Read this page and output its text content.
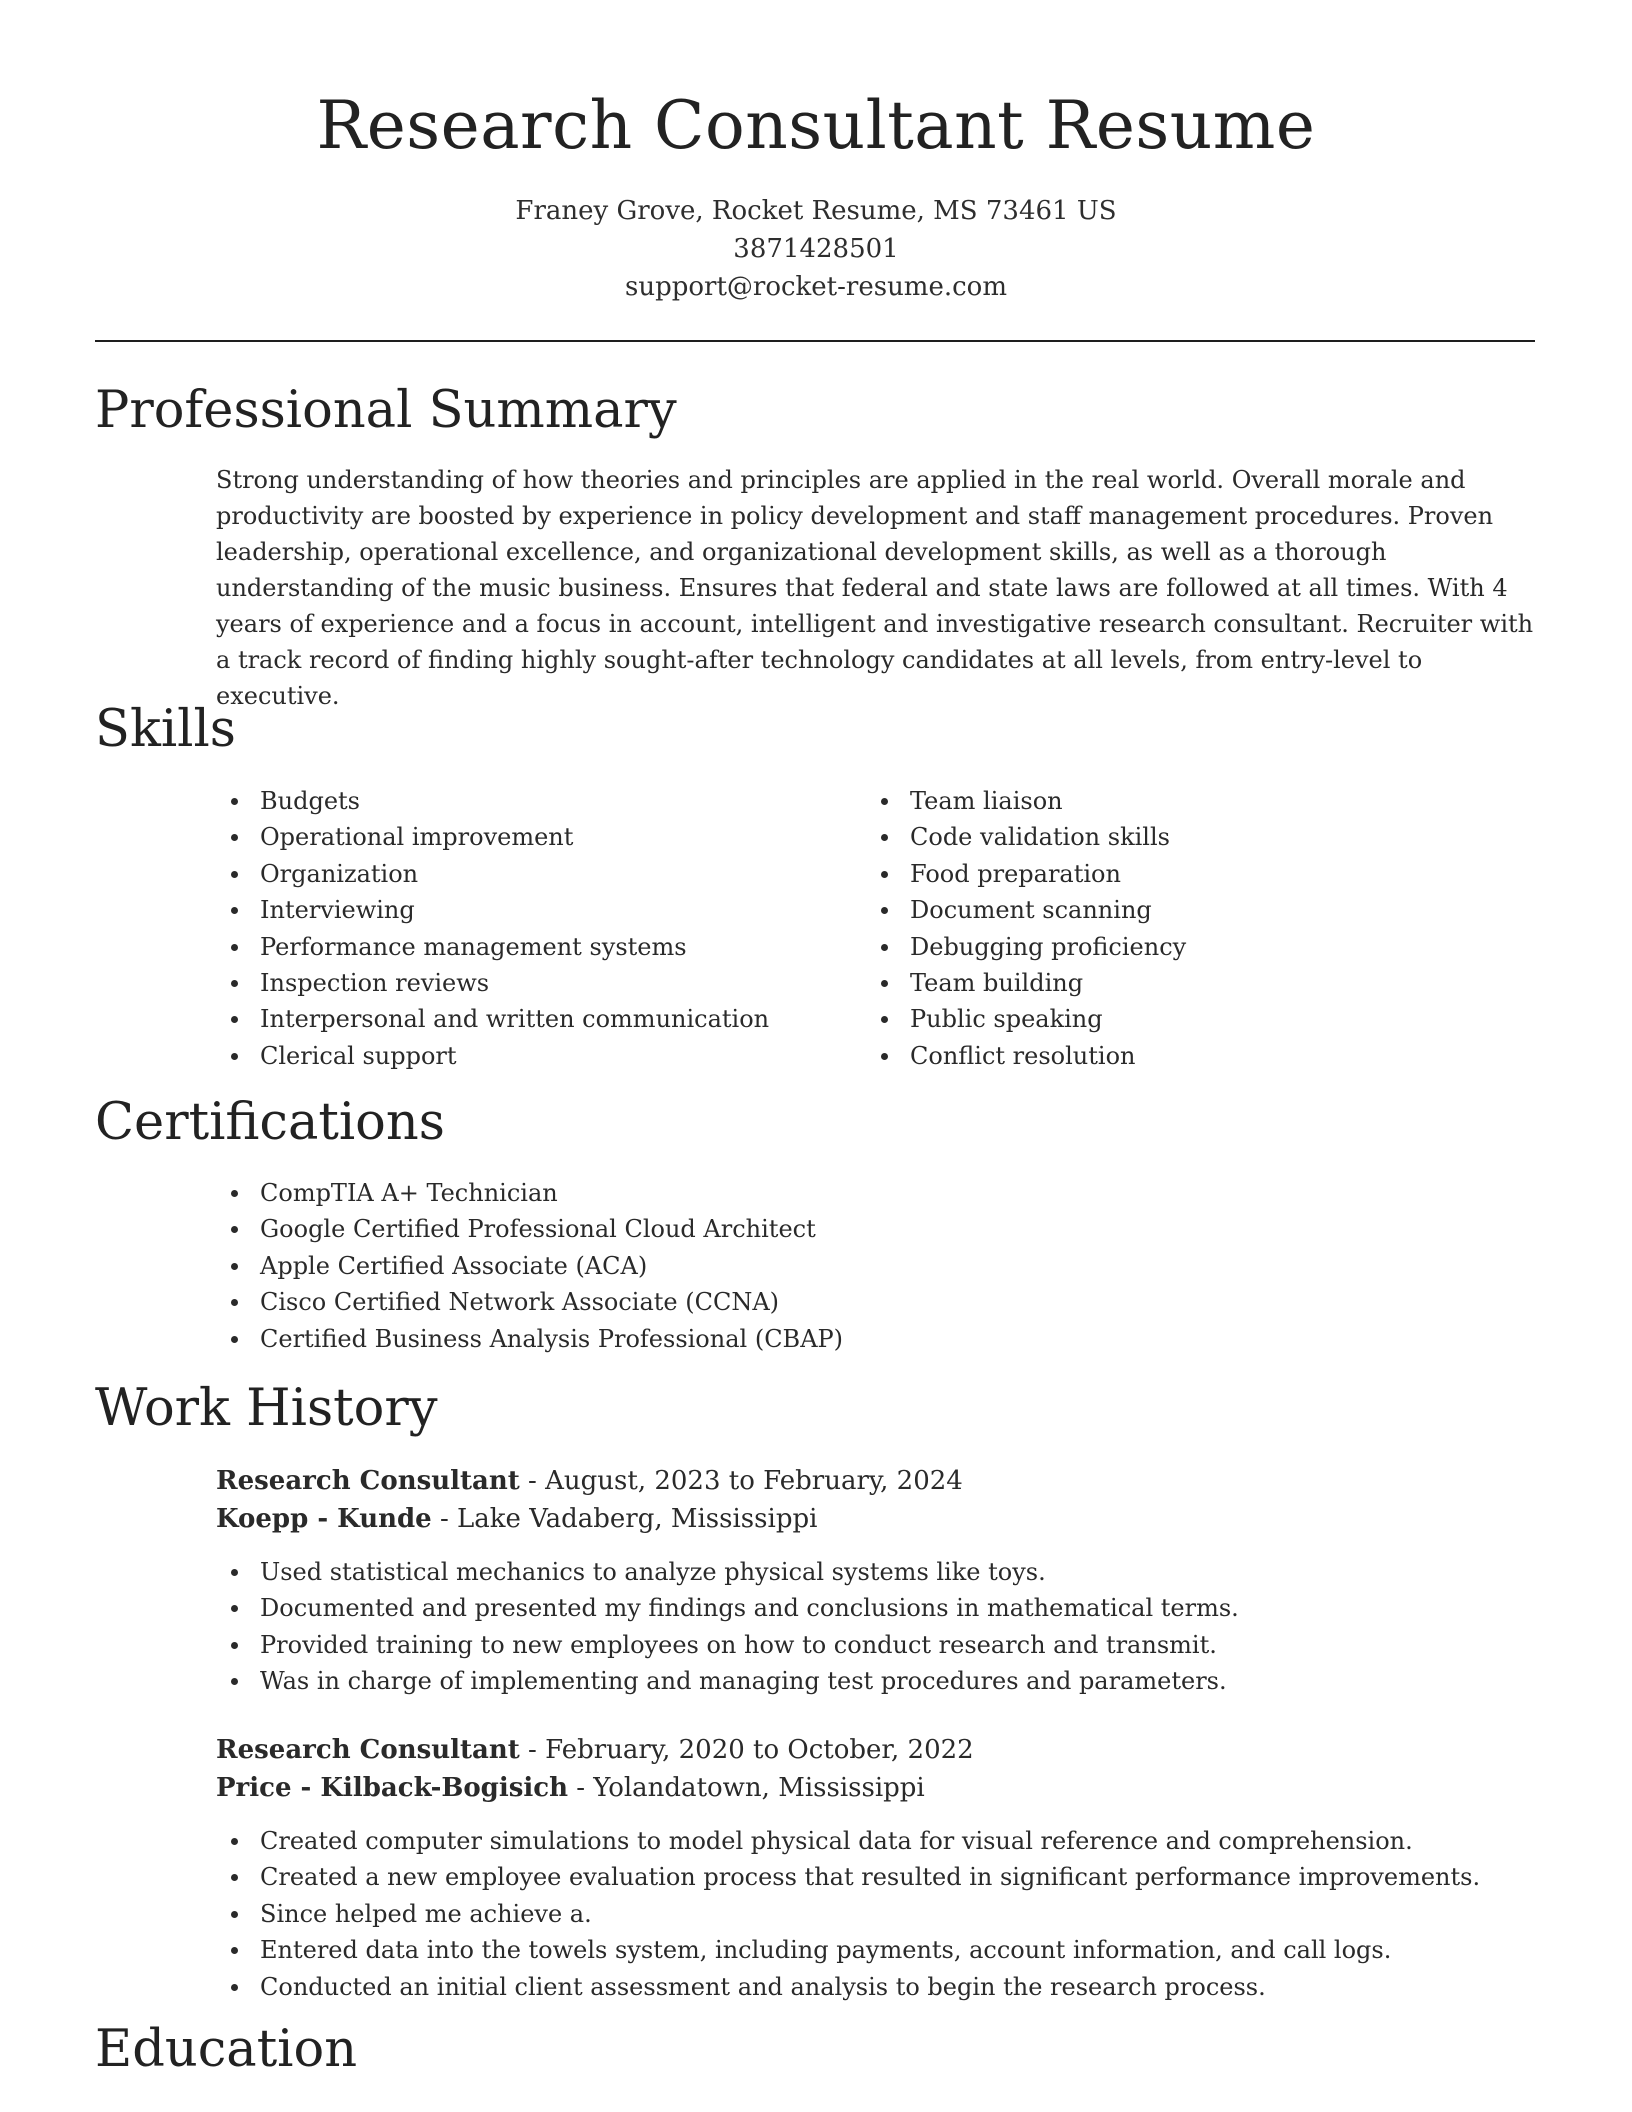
Research Consultant Resume
Franey Grove, Rocket Resume, MS 73461 US
3871428501
support@rocket-resume.com
Professional Summary

Strong understanding of how theories and principles are applied in the real world. Overall morale and productivity are boosted by experience in policy development and staff management procedures. Proven leadership, operational excellence, and organizational development skills, as well as a thorough understanding of the music business. Ensures that federal and state laws are followed at all times. With 4 years of experience and a focus in account, intelligent and investigative research consultant. Recruiter with a track record of finding highly sought-after technology candidates at all levels, from entry-level to executive.

Skills
Budgets
Operational improvement
Organization
Interviewing
Performance management systems
Inspection reviews
Interpersonal and written communication
Clerical support
Team liaison
Code validation skills
Food preparation
Document scanning
Debugging proficiency
Team building
Public speaking
Conflict resolution
Certifications
CompTIA A+ Technician
Google Certified Professional Cloud Architect
Apple Certified Associate (ACA)
Cisco Certified Network Associate (CCNA)
Certified Business Analysis Professional (CBAP)
Work History
Research Consultant - August, 2023 to February, 2024
Koepp - Kunde - Lake Vadaberg, Mississippi
Used statistical mechanics to analyze physical systems like toys.
Documented and presented my findings and conclusions in mathematical terms.
Provided training to new employees on how to conduct research and transmit.
Was in charge of implementing and managing test procedures and parameters.
Research Consultant - February, 2020 to October, 2022
Price - Kilback-Bogisich - Yolandatown, Mississippi
Created computer simulations to model physical data for visual reference and comprehension.
Created a new employee evaluation process that resulted in significant performance improvements.
Since helped me achieve a.
Entered data into the towels system, including payments, account information, and call logs.
Conducted an initial client assessment and analysis to begin the research process.
Education
